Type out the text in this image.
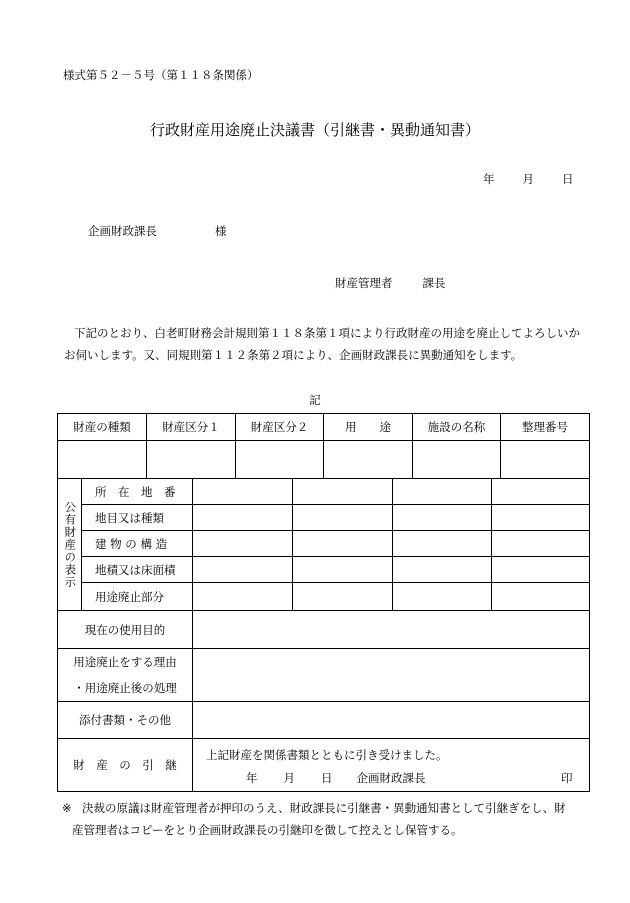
様式第５２－５号（第１１８条関係）
行政財産用途廃止決議書（引継書・異動通知書）
年 月 日
企画財政課長	様
財産管理者	課長
下記のとおり、白老町財務会計規則第１１８条第１項により行政財産の用途を廃止してよろしいかお伺いします。又、同規則第１１２条第２項により、企画財政課長に異動通知をします。
記
財産の種類	財産区分１	財産区分２	用　　途	施設の名称	整理番号

公有財産の表示	所　在　地　番				
	地目又は種類				
	建 物 の 構 造				
	地積又は床面積				
	用途廃止部分				
現在の使用目的	

用途廃止をする理由
・用途廃止後の処理	

添付書類・その他	
財　産　の　引　継	上記財産を関係書類とともに引き受けました。
年 月 日 企画財政課長 印
※ 決裁の原議は財産管理者が押印のうえ、財政課長に引継書・異動通知書として引継ぎをし、財
産管理者はコピーをとり企画財政課長の引継印を徴して控えとし保管する。
